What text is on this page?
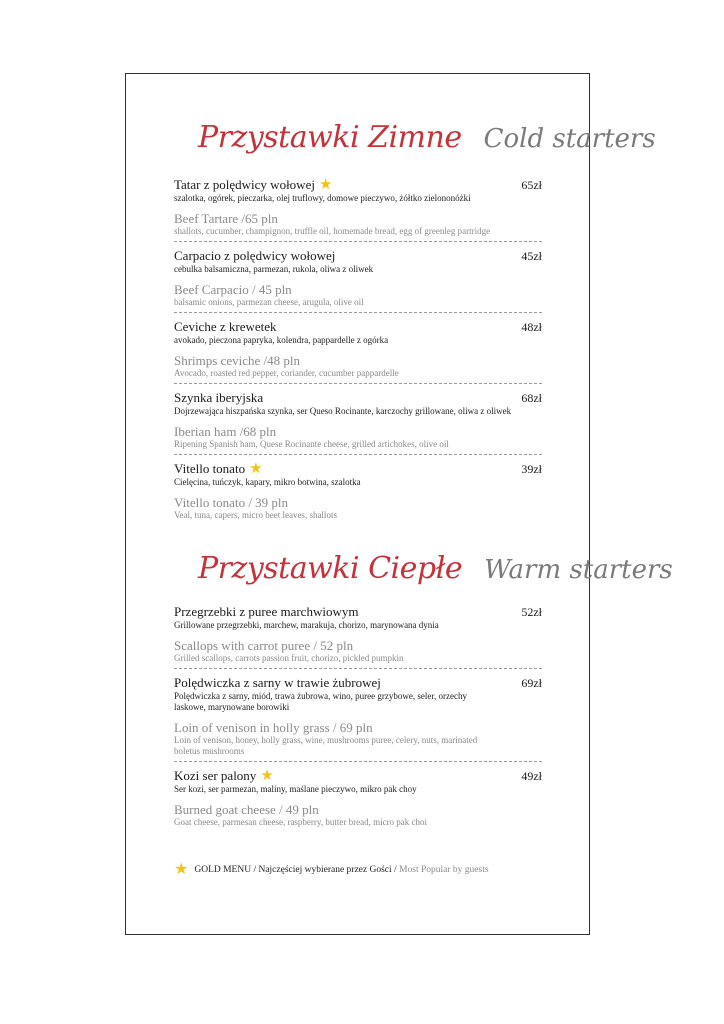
Przystawki Zimne Cold starters
Tatar z polędwicy wołowej ★	65zł
szalotka, ogórek, pieczarka, olej truflowy, domowe pieczywo, żółtko zielononóżki
Beef Tartare /65 pln
shallots, cucumber, champignon, truffle oil, homemade bread, egg of greenleg partridge
Carpacio z polędwicy wołowej	45zł
cebulka balsamiczna, parmezan, rukola, oliwa z oliwek
Beef Carpacio / 45 pln
balsamic onions, parmezan cheese, arugula, olive oil
Ceviche z krewetek	48zł
avokado, pieczona papryka, kolendra, pappardelle z ogórka
Shrimps ceviche /48 pln
Avocado, roasted red pepper, coriander, cucumber pappardelle
Szynka iberyjska	68zł
Dojrzewająca hiszpańska szynka, ser Queso Rocinante, karczochy grillowane, oliwa z oliwek
Iberian ham /68 pln
Ripening Spanish ham, Quese Rocinante cheese, grilled artichokes, olive oil
Vitello tonato ★	39zł
Cielęcina, tuńczyk, kapary, mikro botwina, szalotka
Vitello tonato / 39 pln
Veal, tuna, capers, micro beet leaves, shallots
Przystawki Ciepłe Warm starters
Przegrzebki z puree marchwiowym	52zł
Grillowane przegrzebki, marchew, marakuja, chorizo, marynowana dynia
Scallops with carrot puree / 52 pln
Grilled scallops, carrots passion fruit, chorizo, pickled pumpkin
Polędwiczka z sarny w trawie żubrowej	69zł
Polędwiczka z sarny, miód, trawa żubrowa, wino, puree grzybowe, seler, orzechy laskowe, marynowane borowiki
Loin of venison in holly grass / 69 pln
Loin of venison, honey, holly grass, wine, mushrooms puree, celery, nuts, marinated boletus mushrooms
Kozi ser palony ★	49zł
Ser kozi, ser parmezan, maliny, maślane pieczywo, mikro pak choy
Burned goat cheese / 49 pln
Goat cheese, parmesan cheese, raspberry, butter bread, micro pak choi
★ GOLD MENU /
Najczęściej wybierane przez Gości /
Most Popular by guests
